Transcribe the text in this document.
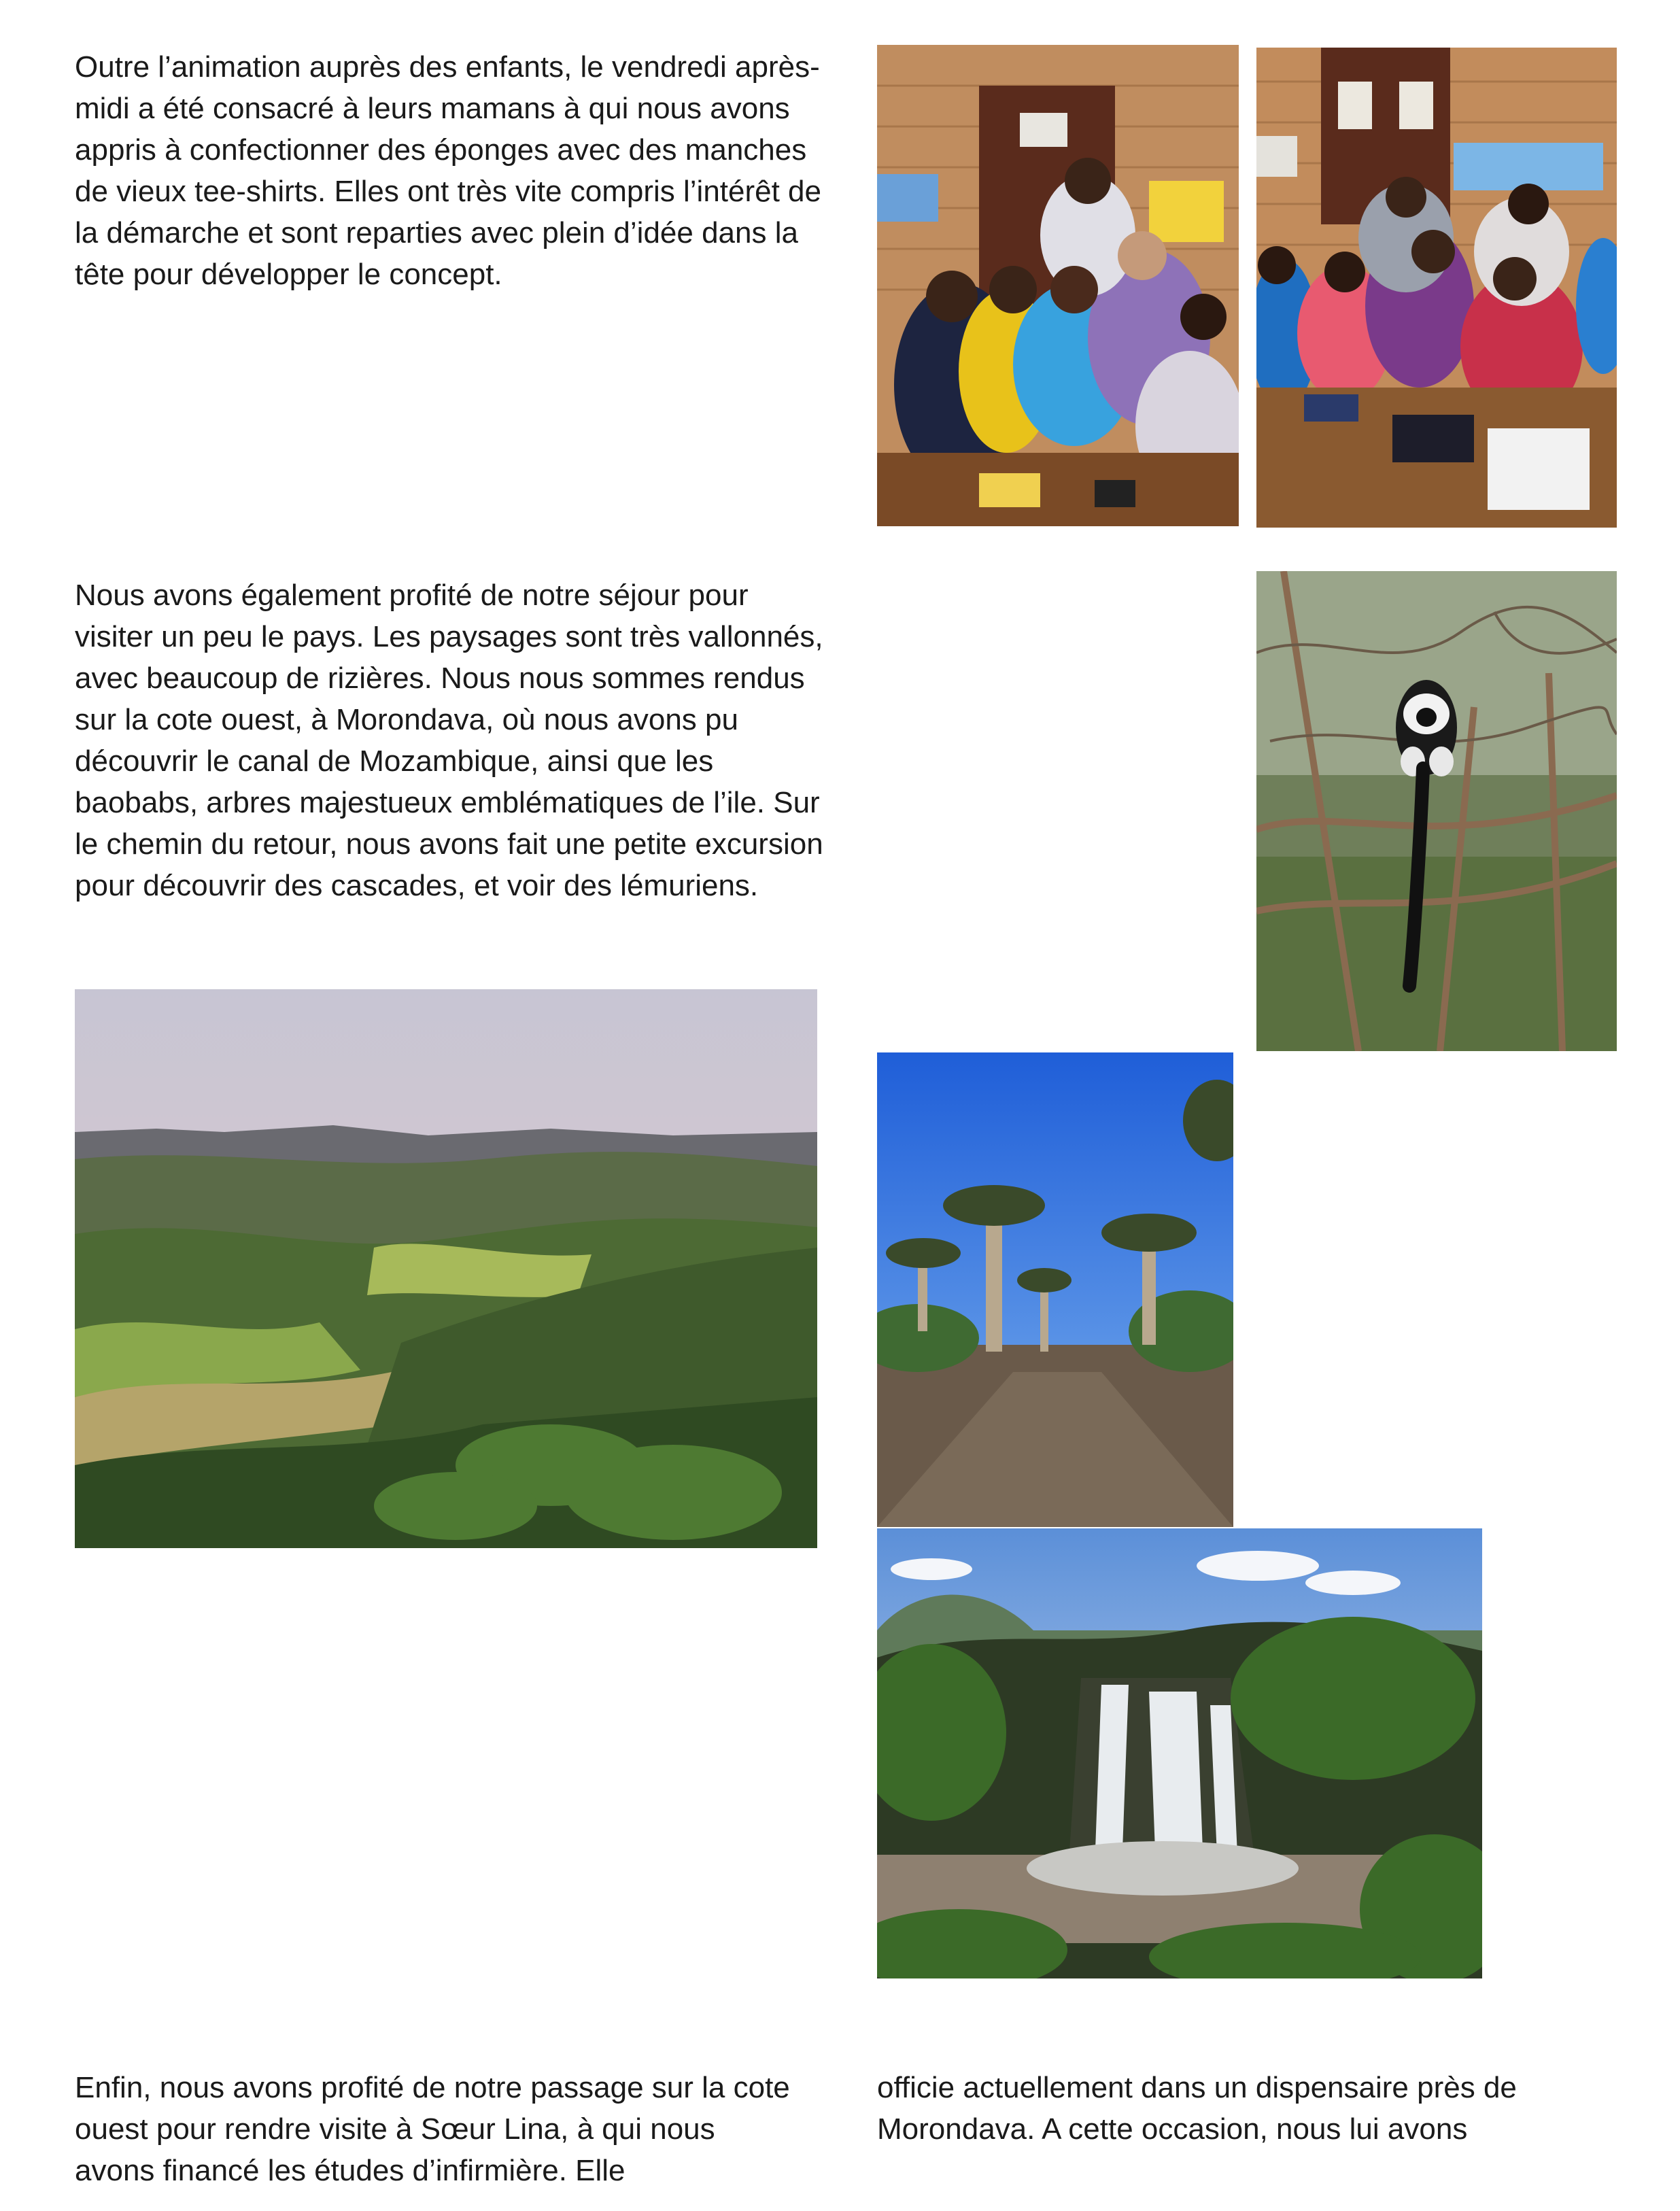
Outre l’animation auprès des enfants, le vendredi après-midi a été consacré à leurs mamans à qui nous avons appris à confectionner des éponges avec des manches de vieux tee-shirts. Elles ont très vite compris l’intérêt de la démarche et sont reparties avec plein d’idée dans la tête pour développer le concept.

Nous avons également profité de notre séjour pour visiter un peu le pays. Les paysages sont très vallonnés, avec beaucoup de rizières. Nous nous sommes rendus sur la cote ouest, à Morondava, où nous avons pu découvrir le canal de Mozambique, ainsi que les baobabs, arbres majestueux emblématiques de l’ile. Sur le chemin du retour, nous avons fait une petite excursion pour découvrir des cascades, et voir des lémuriens.

Enfin, nous avons profité de notre passage sur la cote ouest pour rendre visite à Sœur Lina, à qui nous avons financé les études d’infirmière. Elle

officie actuellement dans un dispensaire près de Morondava. A cette occasion, nous lui avons
